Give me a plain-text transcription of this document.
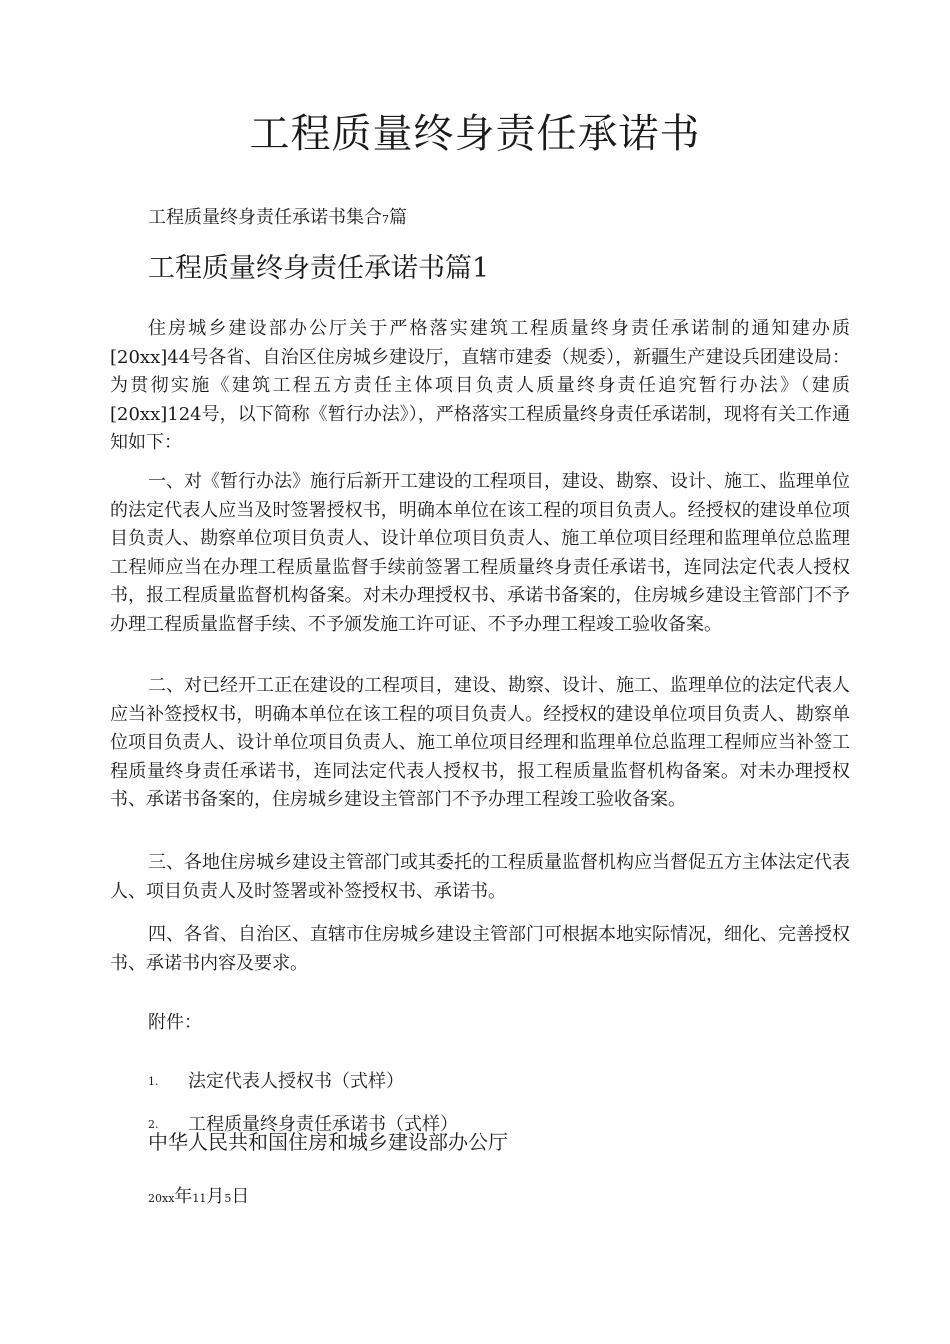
工程质量终身责任承诺书

工程质量终身责任承诺书集合7篇

工程质量终身责任承诺书篇1

住房城乡建设部办公厅关于严格落实建筑工程质量终身责任承诺制的通知建办质[20xx]44号各省、自治区住房城乡建设厅，直辖市建委（规委），新疆生产建设兵团建设局：为贯彻实施《建筑工程五方责任主体项目负责人质量终身责任追究暂行办法》（建质[20xx]124号，以下简称《暂行办法》），严格落实工程质量终身责任承诺制，现将有关工作通知如下：

一、对《暂行办法》施行后新开工建设的工程项目，建设、勘察、设计、施工、监理单位的法定代表人应当及时签署授权书，明确本单位在该工程的项目负责人。经授权的建设单位项目负责人、勘察单位项目负责人、设计单位项目负责人、施工单位项目经理和监理单位总监理工程师应当在办理工程质量监督手续前签署工程质量终身责任承诺书，连同法定代表人授权书，报工程质量监督机构备案。对未办理授权书、承诺书备案的，住房城乡建设主管部门不予办理工程质量监督手续、不予颁发施工许可证、不予办理工程竣工验收备案。

二、对已经开工正在建设的工程项目，建设、勘察、设计、施工、监理单位的法定代表人应当补签授权书，明确本单位在该工程的项目负责人。经授权的建设单位项目负责人、勘察单位项目负责人、设计单位项目负责人、施工单位项目经理和监理单位总监理工程师应当补签工程质量终身责任承诺书，连同法定代表人授权书，报工程质量监督机构备案。对未办理授权书、承诺书备案的，住房城乡建设主管部门不予办理工程竣工验收备案。

三、各地住房城乡建设主管部门或其委托的工程质量监督机构应当督促五方主体法定代表人、项目负责人及时签署或补签授权书、承诺书。

四、各省、自治区、直辖市住房城乡建设主管部门可根据本地实际情况，细化、完善授权书、承诺书内容及要求。

附件：

1. 法定代表人授权书（式样）

2. 工程质量终身责任承诺书（式样）

中华人民共和国住房和城乡建设部办公厅

20xx年11月5日
